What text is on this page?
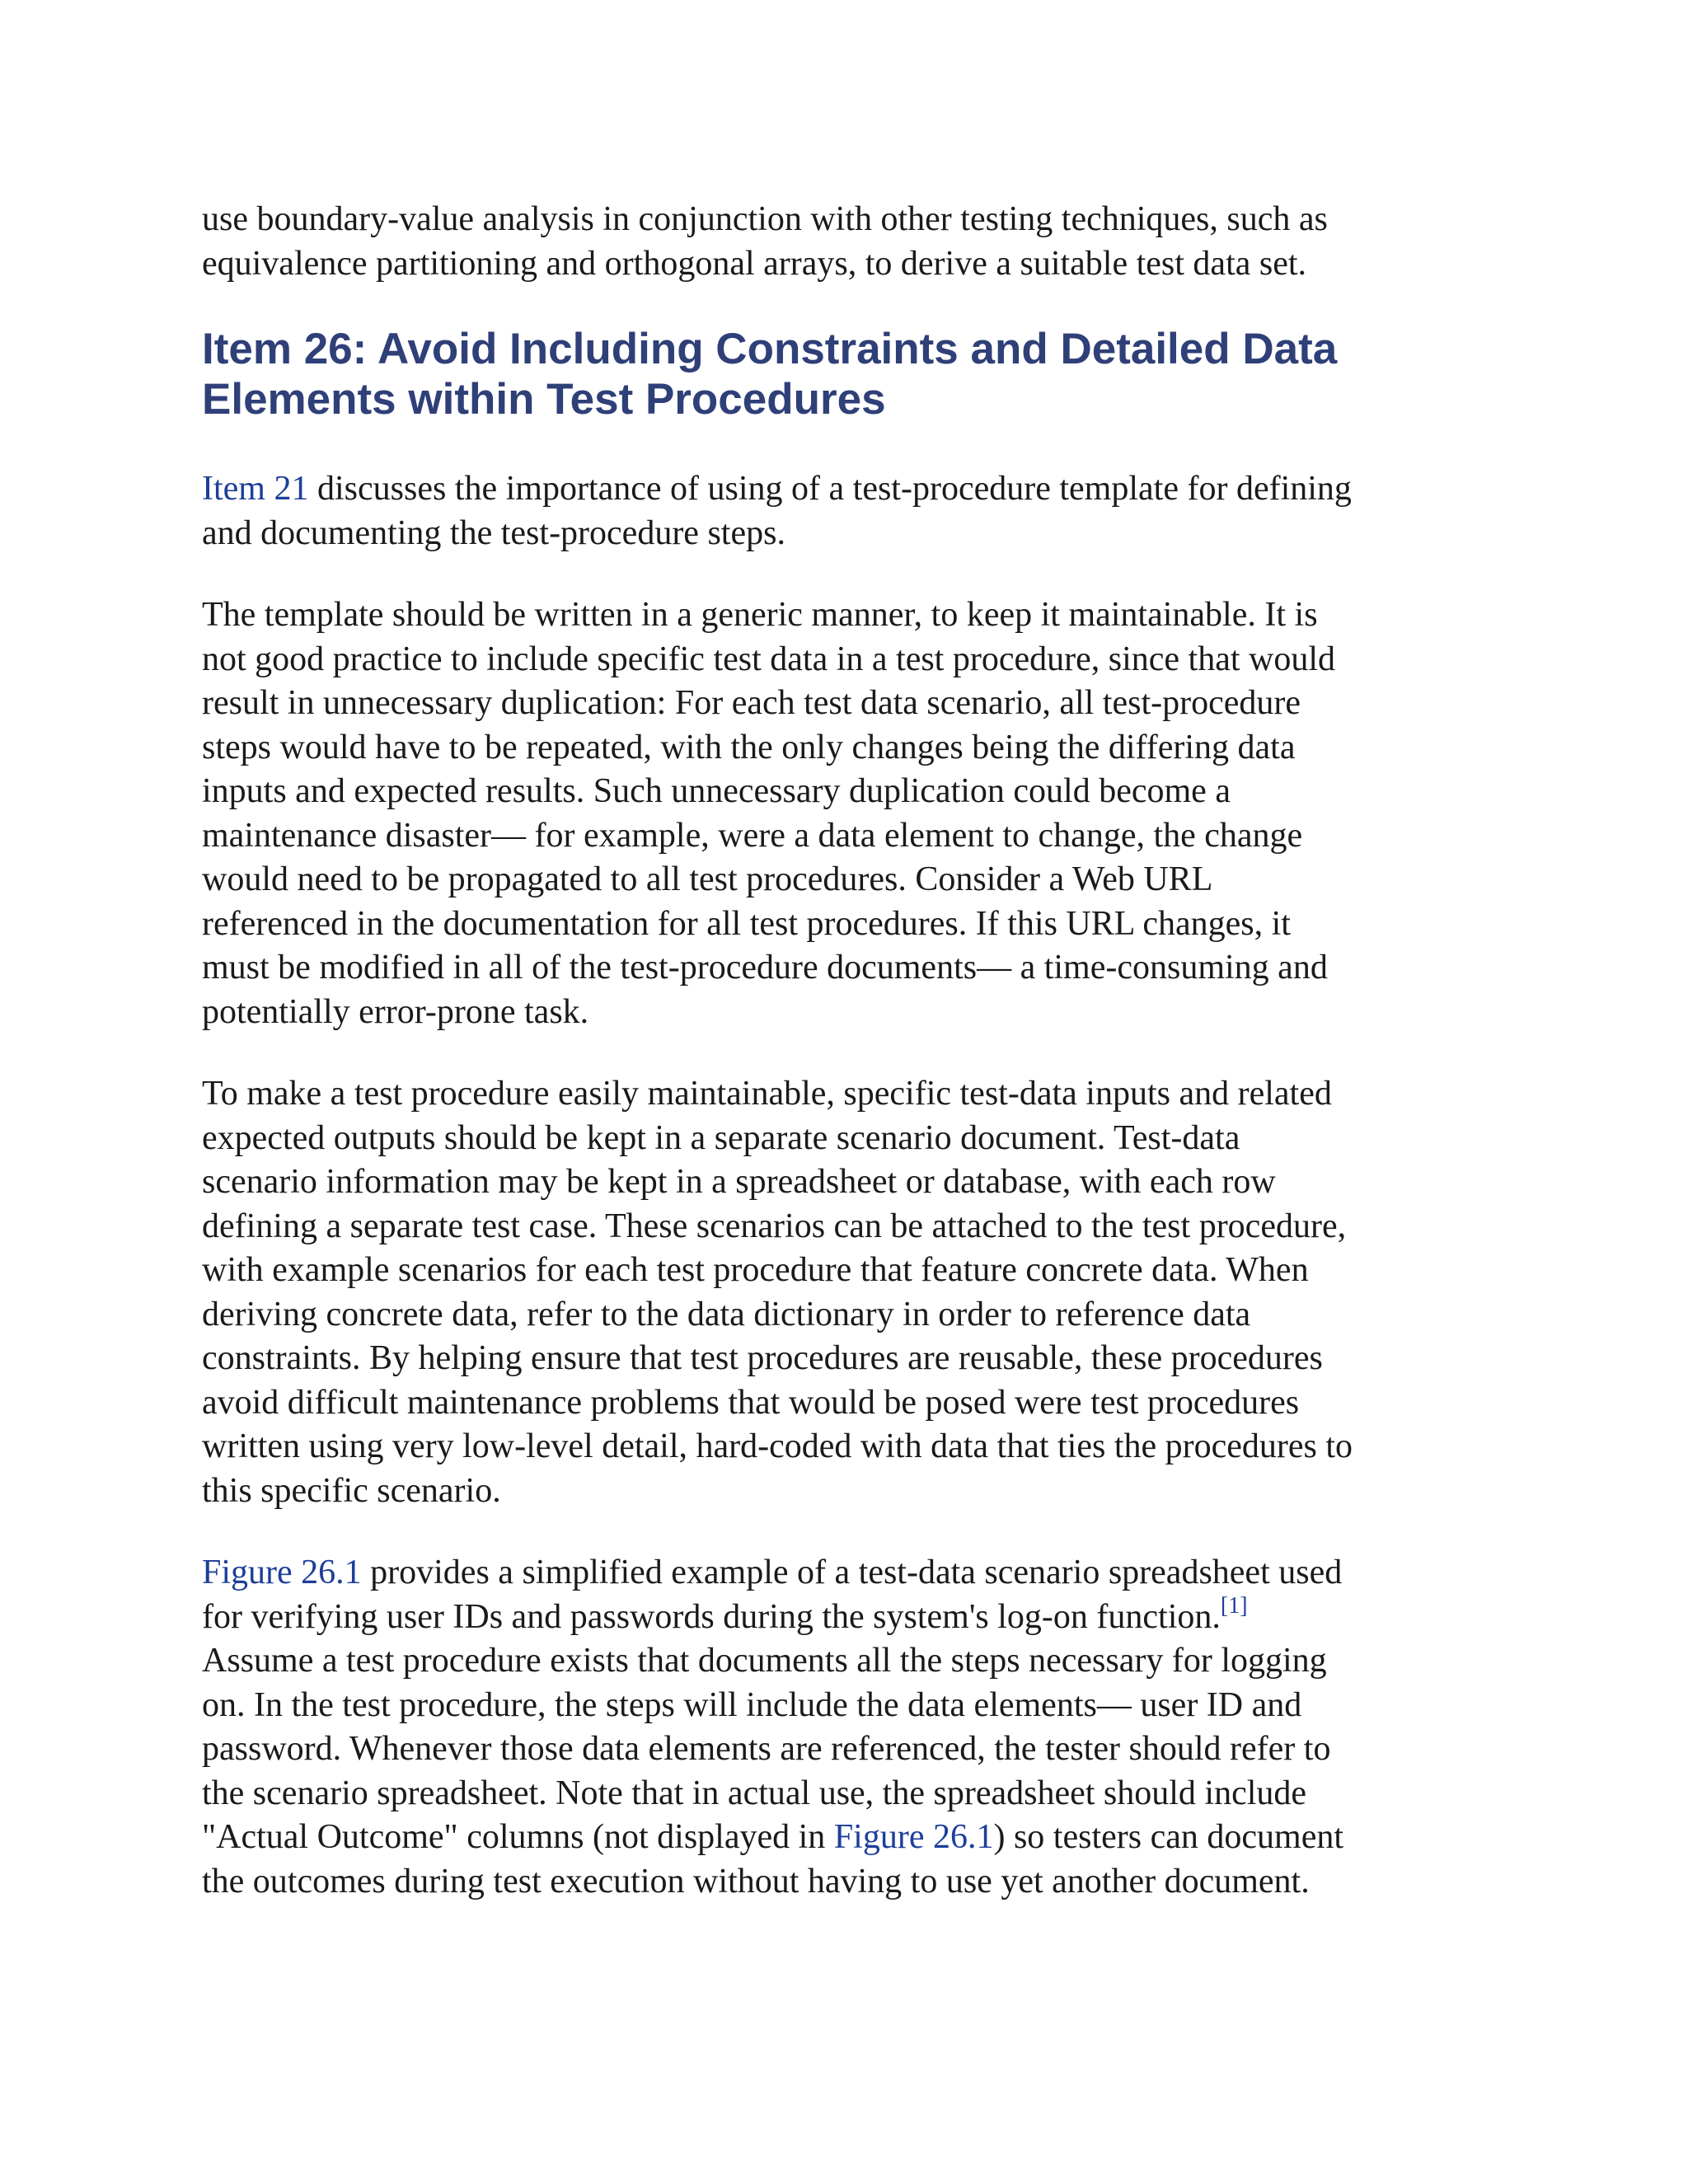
use boundary-value analysis in conjunction with other testing techniques, such as
equivalence partitioning and orthogonal arrays, to derive a suitable test data set.

Item 26: Avoid Including Constraints and Detailed Data
Elements within Test Procedures

Item 21 discusses the importance of using of a test-procedure template for defining
and documenting the test-procedure steps.

The template should be written in a generic manner, to keep it maintainable. It is
not good practice to include specific test data in a test procedure, since that would
result in unnecessary duplication: For each test data scenario, all test-procedure
steps would have to be repeated, with the only changes being the differing data
inputs and expected results. Such unnecessary duplication could become a
maintenance disaster— for example, were a data element to change, the change
would need to be propagated to all test procedures. Consider a Web URL
referenced in the documentation for all test procedures. If this URL changes, it
must be modified in all of the test-procedure documents— a time-consuming and
potentially error-prone task.

To make a test procedure easily maintainable, specific test-data inputs and related
expected outputs should be kept in a separate scenario document. Test-data
scenario information may be kept in a spreadsheet or database, with each row
defining a separate test case. These scenarios can be attached to the test procedure,
with example scenarios for each test procedure that feature concrete data. When
deriving concrete data, refer to the data dictionary in order to reference data
constraints. By helping ensure that test procedures are reusable, these procedures
avoid difficult maintenance problems that would be posed were test procedures
written using very low-level detail, hard-coded with data that ties the procedures to
this specific scenario.

Figure 26.1 provides a simplified example of a test-data scenario spreadsheet used
for verifying user IDs and passwords during the system's log-on function.[1]
Assume a test procedure exists that documents all the steps necessary for logging
on. In the test procedure, the steps will include the data elements— user ID and
password. Whenever those data elements are referenced, the tester should refer to
the scenario spreadsheet. Note that in actual use, the spreadsheet should include
"Actual Outcome" columns (not displayed in Figure 26.1) so testers can document
the outcomes during test execution without having to use yet another document.
